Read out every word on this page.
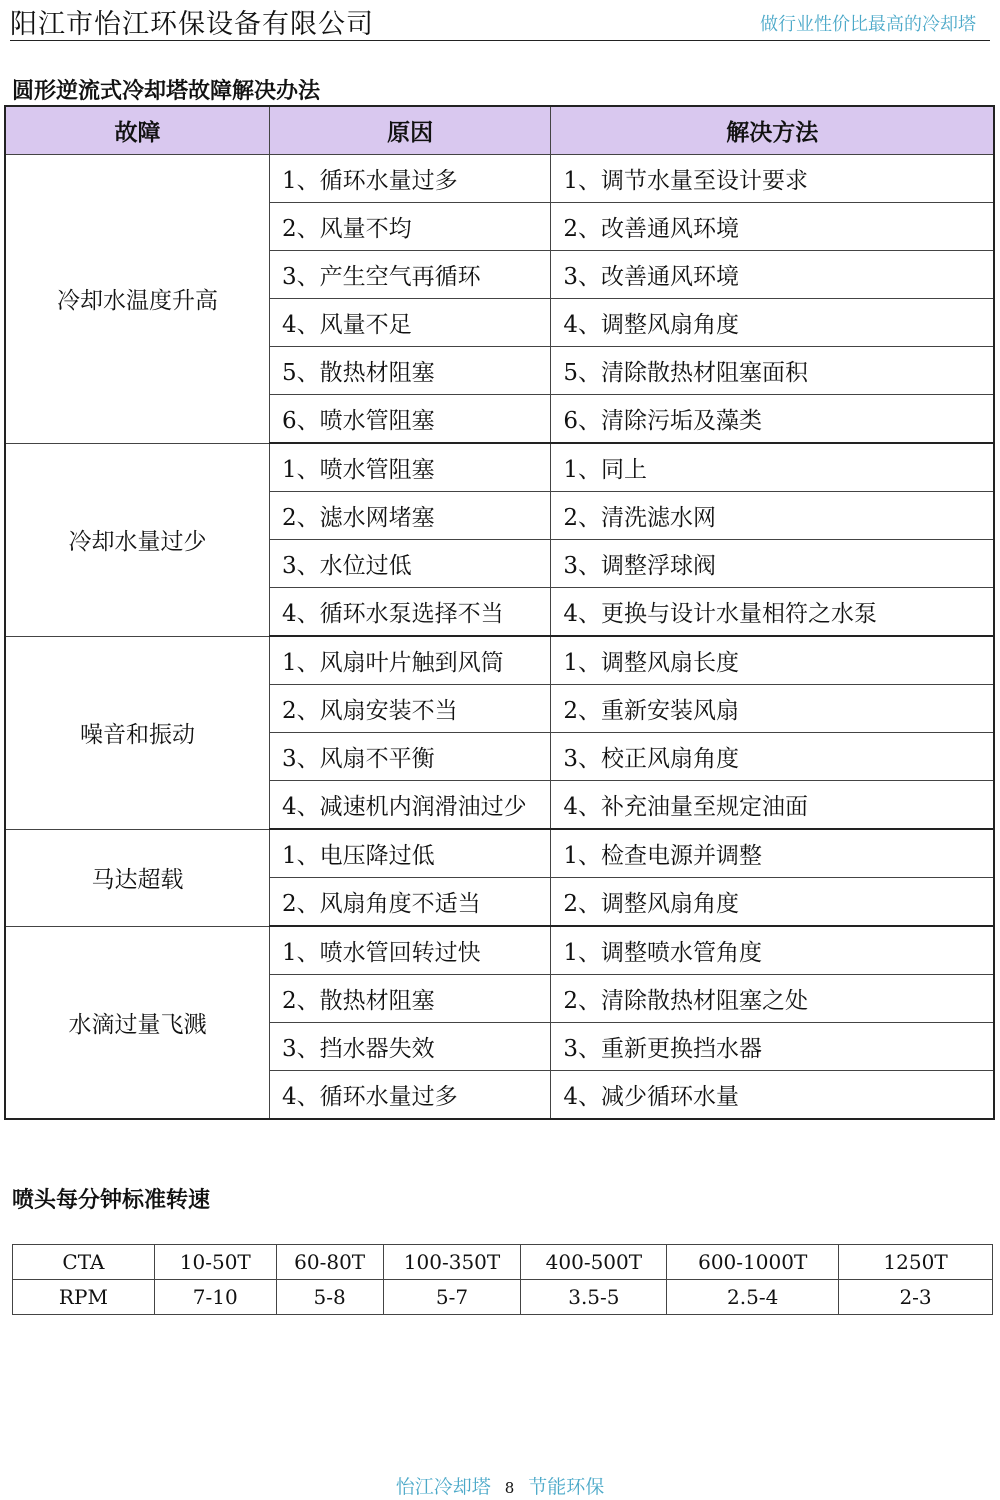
阳江市怡江环保设备有限公司	做行业性价比最高的冷却塔
圆形逆流式冷却塔故障解决办法
故障	原因	解决方法
冷却水温度升高	1、循环水量过多	1、调节水量至设计要求
	2、风量不均	2、改善通风环境
	3、产生空气再循环	3、改善通风环境
	4、风量不足	4、调整风扇角度
	5、散热材阻塞	5、清除散热材阻塞面积
	6、喷水管阻塞	6、清除污垢及藻类
冷却水量过少	1、喷水管阻塞	1、同上
	2、滤水网堵塞	2、清洗滤水网
	3、水位过低	3、调整浮球阀
	4、循环水泵选择不当	4、更换与设计水量相符之水泵
噪音和振动	1、风扇叶片触到风筒	1、调整风扇长度
	2、风扇安装不当	2、重新安装风扇
	3、风扇不平衡	3、校正风扇角度
	4、减速机内润滑油过少	4、补充油量至规定油面
马达超载	1、电压降过低	1、检查电源并调整
	2、风扇角度不适当	2、调整风扇角度
水滴过量飞溅	1、喷水管回转过快	1、调整喷水管角度
	2、散热材阻塞	2、清除散热材阻塞之处
	3、挡水器失效	3、重新更换挡水器
	4、循环水量过多	4、减少循环水量
喷头每分钟标准转速
CTA	10-50T	60-80T	100-350T	400-500T	600-1000T	1250T
RPM	7-10	5-8	5-7	3.5-5	2.5-4	2-3
怡江冷却塔 8 节能环保
